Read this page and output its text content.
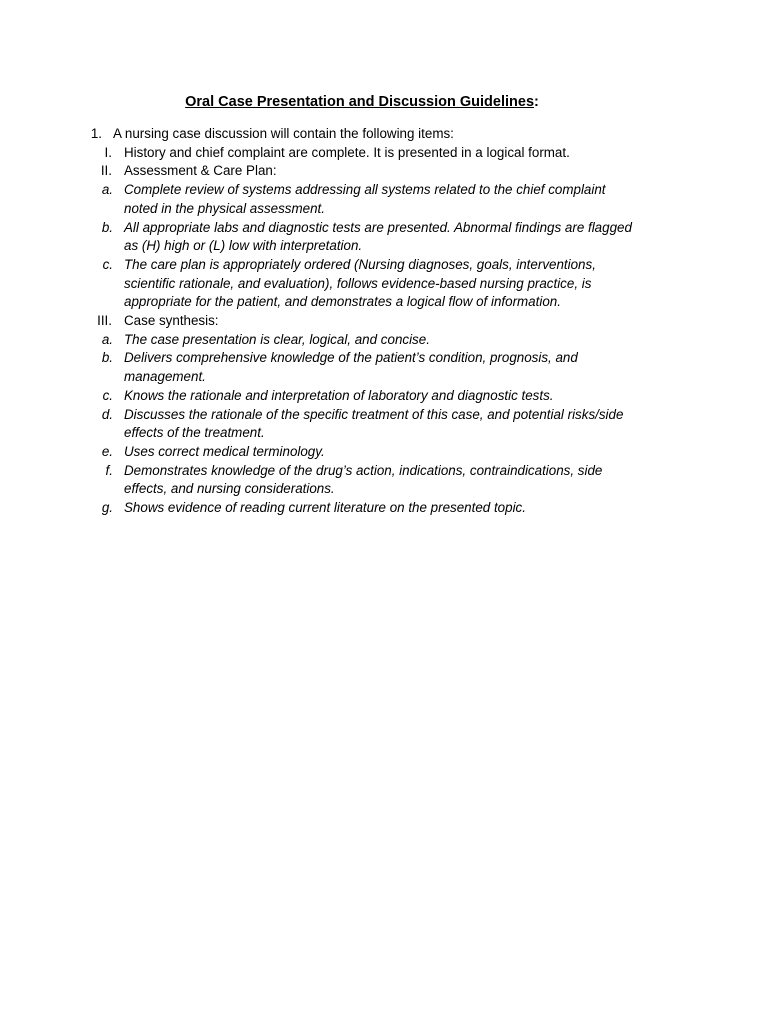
Oral Case Presentation and Discussion Guidelines:
1. A nursing case discussion will contain the following items:
I. History and chief complaint are complete. It is presented in a logical format.
II. Assessment & Care Plan:
a. Complete review of systems addressing all systems related to the chief complaint noted in the physical assessment.
b. All appropriate labs and diagnostic tests are presented. Abnormal findings are flagged as (H) high or (L) low with interpretation.
c. The care plan is appropriately ordered (Nursing diagnoses, goals, interventions, scientific rationale, and evaluation), follows evidence-based nursing practice, is appropriate for the patient, and demonstrates a logical flow of information.
III. Case synthesis:
a. The case presentation is clear, logical, and concise.
b. Delivers comprehensive knowledge of the patient’s condition, prognosis, and management.
c. Knows the rationale and interpretation of laboratory and diagnostic tests.
d. Discusses the rationale of the specific treatment of this case, and potential risks/side effects of the treatment.
e. Uses correct medical terminology.
f. Demonstrates knowledge of the drug’s action, indications, contraindications, side effects, and nursing considerations.
g. Shows evidence of reading current literature on the presented topic.
